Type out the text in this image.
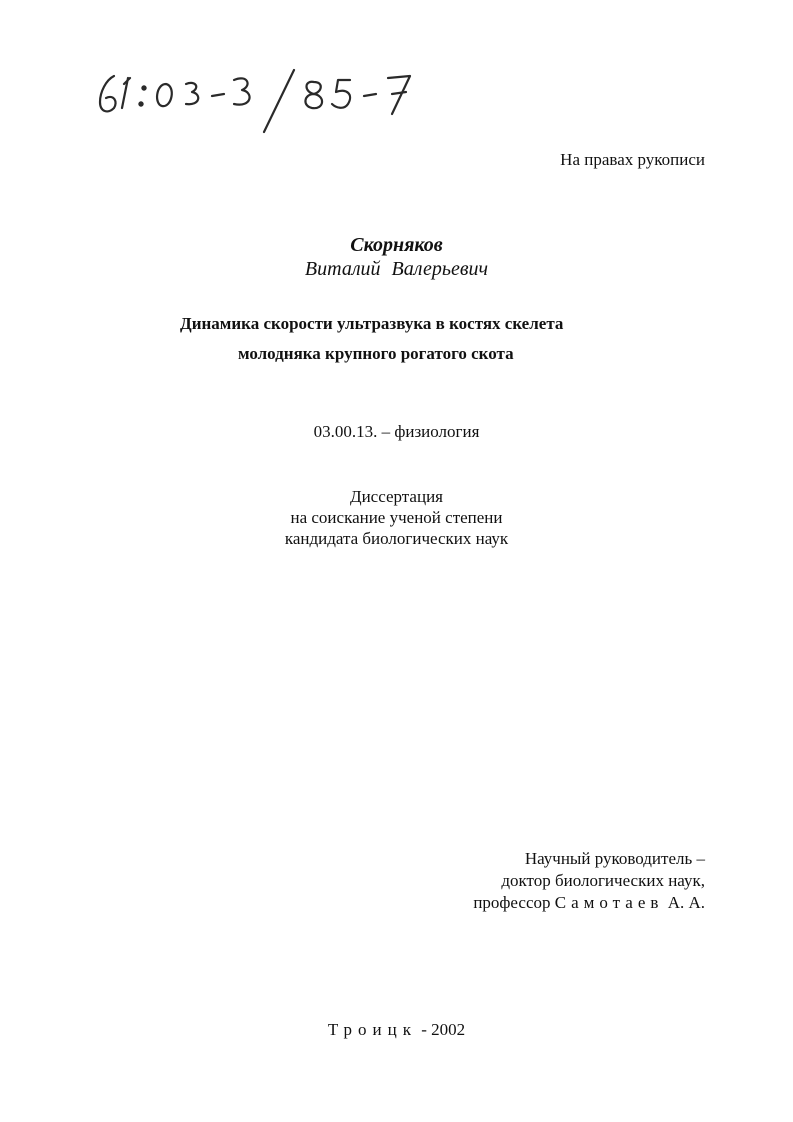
На правах рукописи
Скорняков
Виталий Валерьевич
Динамика скорости ультразвука в костях скелета
молодняка крупного рогатого скота
03.00.13. – физиология
Диссертация
на соискание ученой степени
кандидата биологических наук
Научный руководитель –
доктор биологических наук,
профессор Самотаев А. А.
Троицк - 2002
